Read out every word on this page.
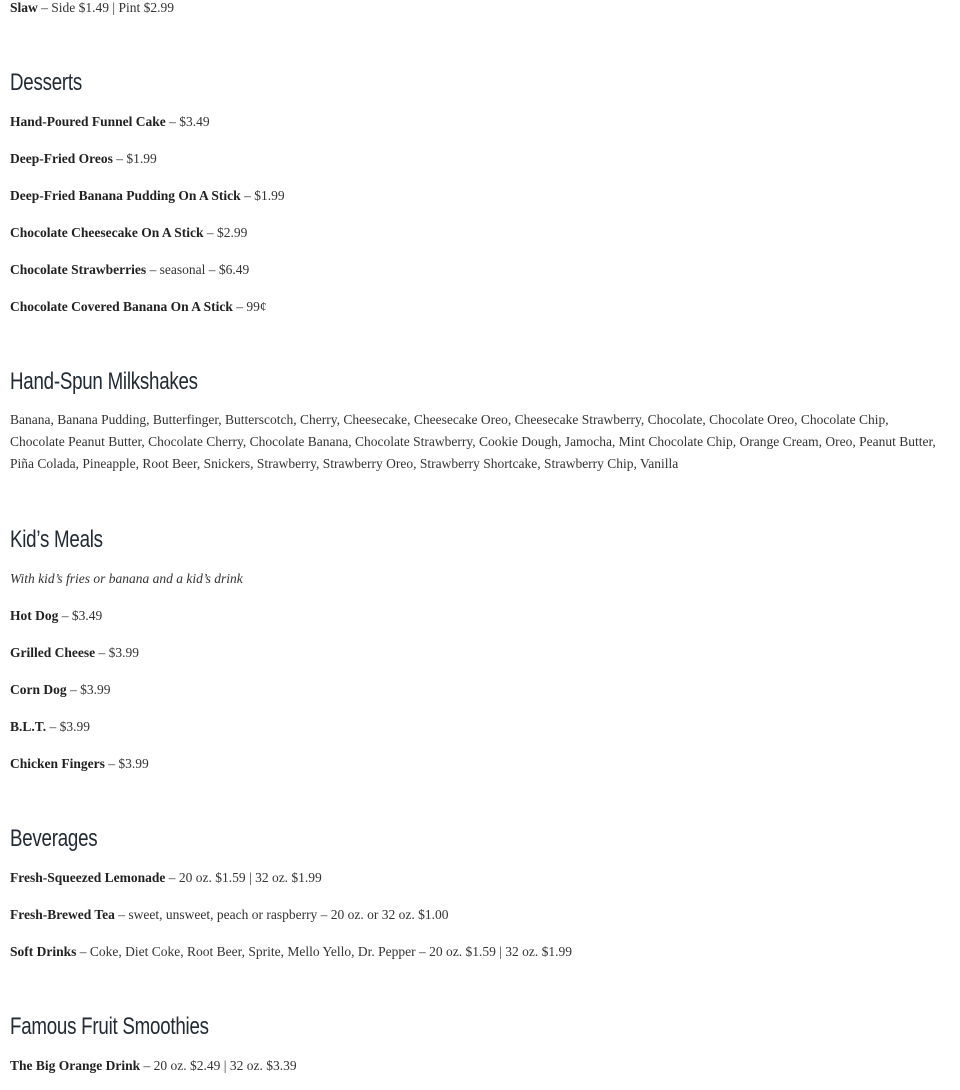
Slaw – Side $1.49 | Pint $2.99

Desserts

Hand-Poured Funnel Cake – $3.49

Deep-Fried Oreos – $1.99

Deep-Fried Banana Pudding On A Stick – $1.99

Chocolate Cheesecake On A Stick – $2.99

Chocolate Strawberries – seasonal – $6.49

Chocolate Covered Banana On A Stick – 99¢

Hand-Spun Milkshakes

Banana, Banana Pudding, Butterfinger, Butterscotch, Cherry, Cheesecake, Cheesecake Oreo, Cheesecake Strawberry, Chocolate, Chocolate Oreo, Chocolate Chip, Chocolate Peanut Butter, Chocolate Cherry, Chocolate Banana, Chocolate Strawberry, Cookie Dough, Jamocha, Mint Chocolate Chip, Orange Cream, Oreo, Peanut Butter, Piña Colada, Pineapple, Root Beer, Snickers, Strawberry, Strawberry Oreo, Strawberry Shortcake, Strawberry Chip, Vanilla

Kid’s Meals

With kid’s fries or banana and a kid’s drink

Hot Dog – $3.49

Grilled Cheese – $3.99

Corn Dog – $3.99

B.L.T. – $3.99

Chicken Fingers – $3.99

Beverages

Fresh-Squeezed Lemonade – 20 oz. $1.59 | 32 oz. $1.99

Fresh-Brewed Tea – sweet, unsweet, peach or raspberry – 20 oz. or 32 oz. $1.00

Soft Drinks – Coke, Diet Coke, Root Beer, Sprite, Mello Yello, Dr. Pepper – 20 oz. $1.59 | 32 oz. $1.99

Famous Fruit Smoothies

The Big Orange Drink – 20 oz. $2.49 | 32 oz. $3.39
